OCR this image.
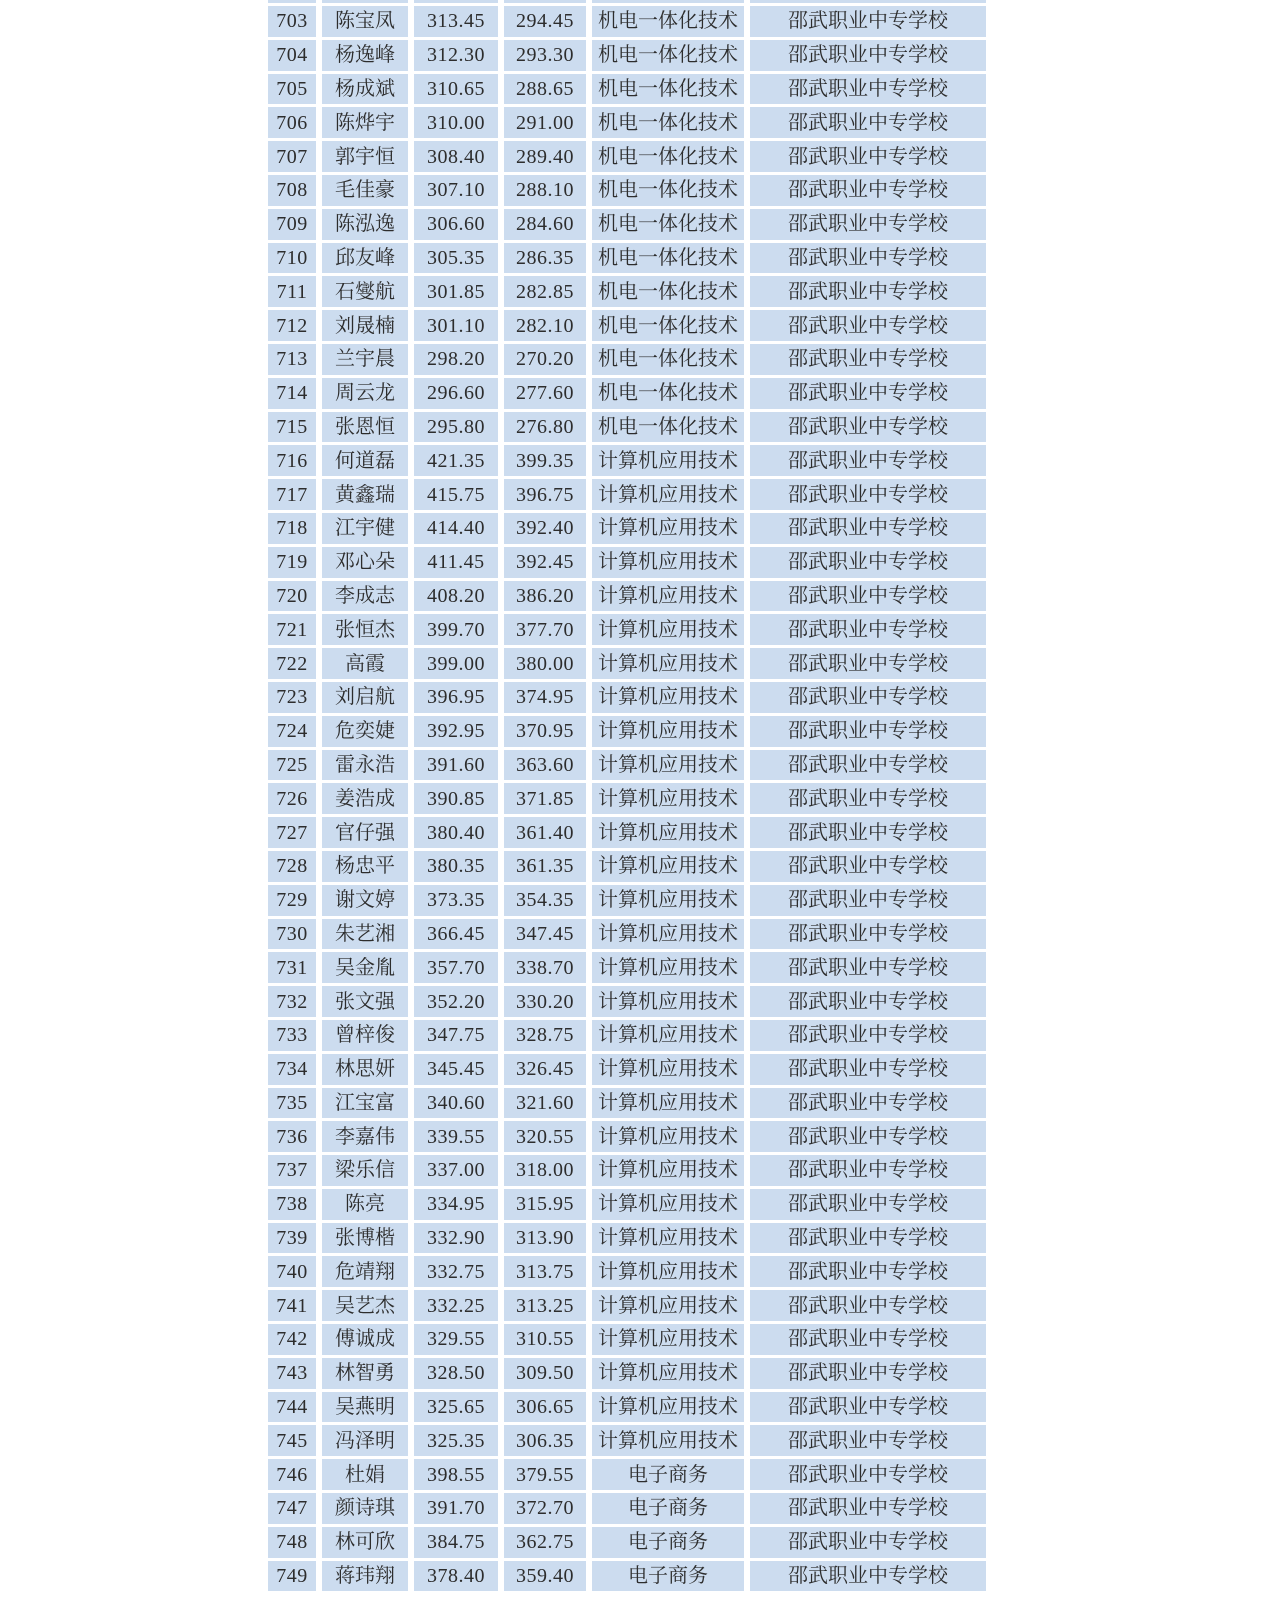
703	陈宝凤	313.45	294.45	机电一体化技术	邵武职业中专学校
704	杨逸峰	312.30	293.30	机电一体化技术	邵武职业中专学校
705	杨成斌	310.65	288.65	机电一体化技术	邵武职业中专学校
706	陈烨宇	310.00	291.00	机电一体化技术	邵武职业中专学校
707	郭宇恒	308.40	289.40	机电一体化技术	邵武职业中专学校
708	毛佳豪	307.10	288.10	机电一体化技术	邵武职业中专学校
709	陈泓逸	306.60	284.60	机电一体化技术	邵武职业中专学校
710	邱友峰	305.35	286.35	机电一体化技术	邵武职业中专学校
711	石燮航	301.85	282.85	机电一体化技术	邵武职业中专学校
712	刘晟楠	301.10	282.10	机电一体化技术	邵武职业中专学校
713	兰宇晨	298.20	270.20	机电一体化技术	邵武职业中专学校
714	周云龙	296.60	277.60	机电一体化技术	邵武职业中专学校
715	张恩恒	295.80	276.80	机电一体化技术	邵武职业中专学校
716	何道磊	421.35	399.35	计算机应用技术	邵武职业中专学校
717	黄鑫瑞	415.75	396.75	计算机应用技术	邵武职业中专学校
718	江宇健	414.40	392.40	计算机应用技术	邵武职业中专学校
719	邓心朵	411.45	392.45	计算机应用技术	邵武职业中专学校
720	李成志	408.20	386.20	计算机应用技术	邵武职业中专学校
721	张恒杰	399.70	377.70	计算机应用技术	邵武职业中专学校
722	高霞	399.00	380.00	计算机应用技术	邵武职业中专学校
723	刘启航	396.95	374.95	计算机应用技术	邵武职业中专学校
724	危奕婕	392.95	370.95	计算机应用技术	邵武职业中专学校
725	雷永浩	391.60	363.60	计算机应用技术	邵武职业中专学校
726	姜浩成	390.85	371.85	计算机应用技术	邵武职业中专学校
727	官仔强	380.40	361.40	计算机应用技术	邵武职业中专学校
728	杨忠平	380.35	361.35	计算机应用技术	邵武职业中专学校
729	谢文婷	373.35	354.35	计算机应用技术	邵武职业中专学校
730	朱艺湘	366.45	347.45	计算机应用技术	邵武职业中专学校
731	吴金胤	357.70	338.70	计算机应用技术	邵武职业中专学校
732	张文强	352.20	330.20	计算机应用技术	邵武职业中专学校
733	曾梓俊	347.75	328.75	计算机应用技术	邵武职业中专学校
734	林思妍	345.45	326.45	计算机应用技术	邵武职业中专学校
735	江宝富	340.60	321.60	计算机应用技术	邵武职业中专学校
736	李嘉伟	339.55	320.55	计算机应用技术	邵武职业中专学校
737	梁乐信	337.00	318.00	计算机应用技术	邵武职业中专学校
738	陈亮	334.95	315.95	计算机应用技术	邵武职业中专学校
739	张博楷	332.90	313.90	计算机应用技术	邵武职业中专学校
740	危靖翔	332.75	313.75	计算机应用技术	邵武职业中专学校
741	吴艺杰	332.25	313.25	计算机应用技术	邵武职业中专学校
742	傅诚成	329.55	310.55	计算机应用技术	邵武职业中专学校
743	林智勇	328.50	309.50	计算机应用技术	邵武职业中专学校
744	吴燕明	325.65	306.65	计算机应用技术	邵武职业中专学校
745	冯泽明	325.35	306.35	计算机应用技术	邵武职业中专学校
746	杜娟	398.55	379.55	电子商务	邵武职业中专学校
747	颜诗琪	391.70	372.70	电子商务	邵武职业中专学校
748	林可欣	384.75	362.75	电子商务	邵武职业中专学校
749	蒋玮翔	378.40	359.40	电子商务	邵武职业中专学校
